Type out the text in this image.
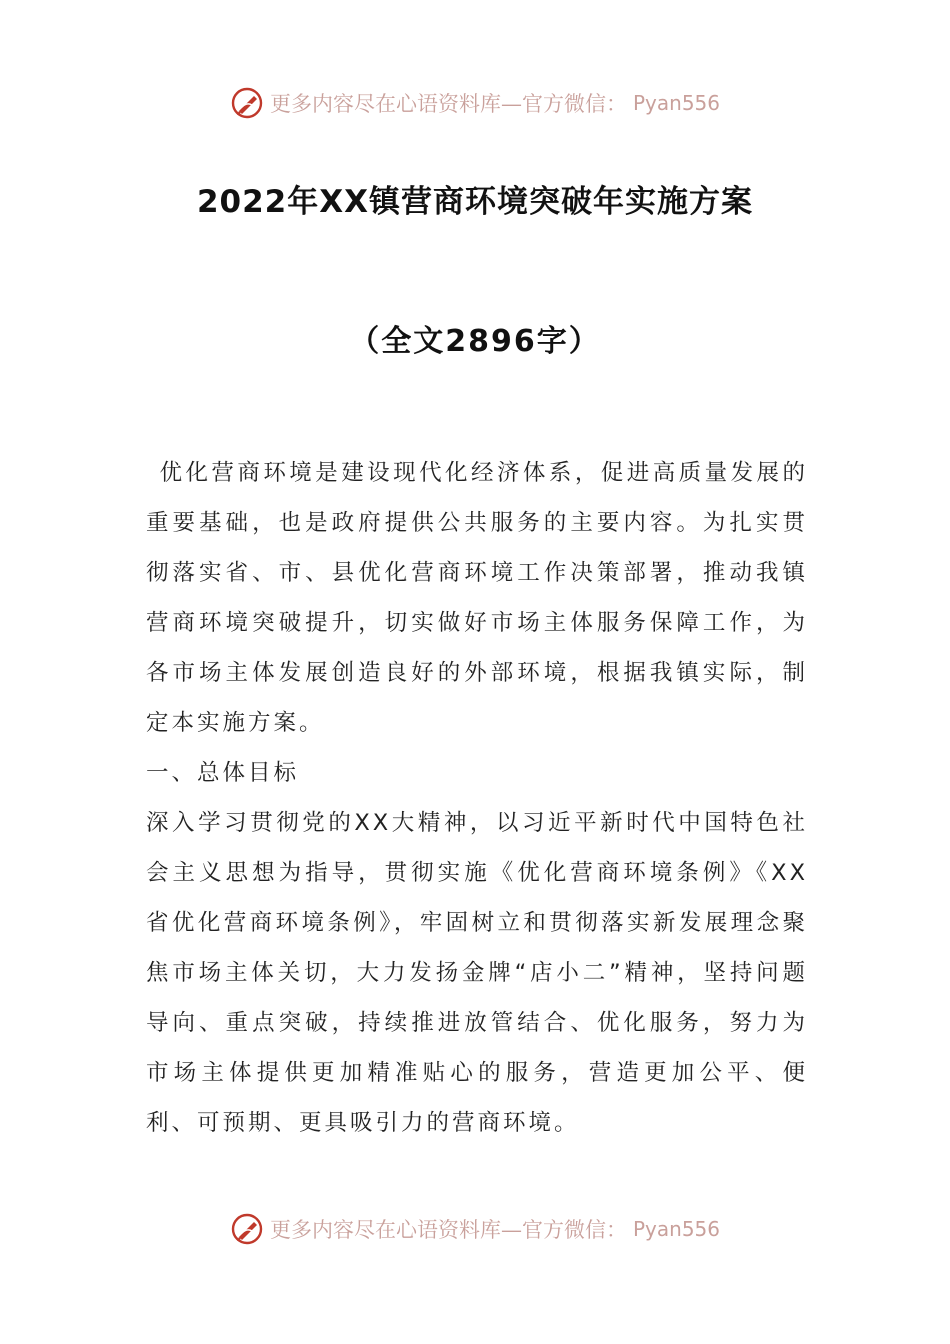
更多内容尽在心语资料库—官方微信： Pyan556
2022年XX镇营商环境突破年实施方案
（全文2896字）

优化营商环境是建设现代化经济体系，促进高质量发展的重要基础，也是政府提供公共服务的主要内容。为扎实贯彻落实省、市、县优化营商环境工作决策部署，推动我镇营商环境突破提升，切实做好市场主体服务保障工作，为各市场主体发展创造良好的外部环境，根据我镇实际，制定本实施方案。

一、总体目标

深入学习贯彻党的XX大精神，以习近平新时代中国特色社会主义思想为指导，贯彻实施《优化营商环境条例》《XX省优化营商环境条例》，牢固树立和贯彻落实新发展理念聚焦市场主体关切，大力发扬金牌“店小二”精神，坚持问题导向、重点突破，持续推进放管结合、优化服务，努力为市场主体提供更加精准贴心的服务，营造更加公平、便利、可预期、更具吸引力的营商环境。

更多内容尽在心语资料库—官方微信： Pyan556
